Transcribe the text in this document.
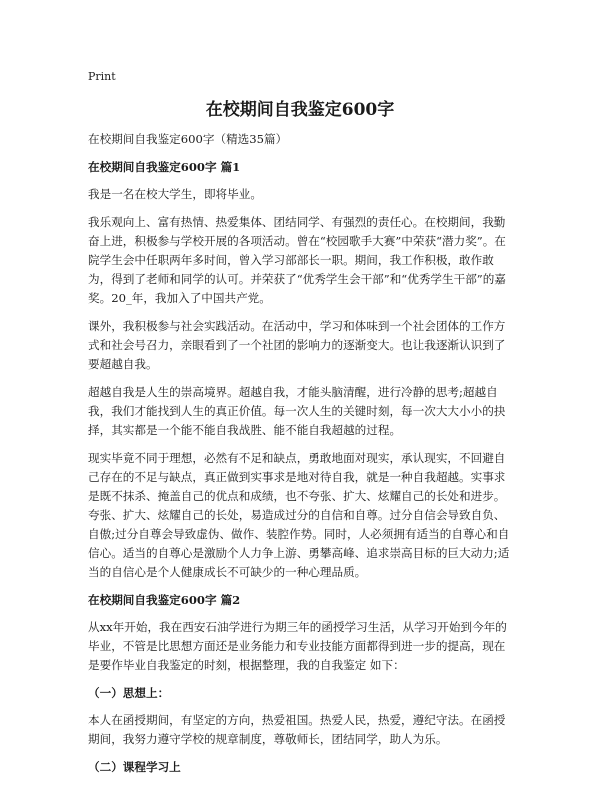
Print
在校期间自我鉴定600字

在校期间自我鉴定600字（精选35篇）

在校期间自我鉴定600字 篇1

我是一名在校大学生，即将毕业。

我乐观向上、富有热情、热爱集体、团结同学、有强烈的责任心。在校期间，我勤奋上进，积极参与学校开展的各项活动。曾在“校园歌手大赛”中荣获“潜力奖”。在院学生会中任职两年多时间，曾入学习部部长一职。期间，我工作积极，敢作敢为，得到了老师和同学的认可。并荣获了“优秀学生会干部”和“优秀学生干部”的嘉奖。20_年，我加入了中国共产党。

课外，我积极参与社会实践活动。在活动中，学习和体味到一个社会团体的工作方式和社会号召力，亲眼看到了一个社团的影响力的逐渐变大。也让我逐渐认识到了要超越自我。

超越自我是人生的崇高境界。超越自我，才能头脑清醒，进行冷静的思考;超越自我，我们才能找到人生的真正价值。每一次人生的关键时刻，每一次大大小小的抉择，其实都是一个能不能自我战胜、能不能自我超越的过程。

现实毕竟不同于理想，必然有不足和缺点，勇敢地面对现实，承认现实，不回避自己存在的不足与缺点，真正做到实事求是地对待自我，就是一种自我超越。实事求是既不抹杀、掩盖自己的优点和成绩，也不夸张、扩大、炫耀自己的长处和进步。夸张、扩大、炫耀自己的长处，易造成过分的自信和自尊。过分自信会导致自负、自傲;过分自尊会导致虚伪、做作、装腔作势。同时，人必须拥有适当的自尊心和自信心。适当的自尊心是激励个人力争上游、勇攀高峰、追求崇高目标的巨大动力;适当的自信心是个人健康成长不可缺少的一种心理品质。

在校期间自我鉴定600字 篇2

从xx年开始，我在西安石油学进行为期三年的函授学习生活，从学习开始到今年的毕业，不管是比思想方面还是业务能力和专业技能方面都得到进一步的提高，现在是要作毕业自我鉴定的时刻，根据整理，我的自我鉴定 如下：

（一）思想上：

本人在函授期间，有坚定的方向，热爱祖国。热爱人民，热爱，遵纪守法。在函授期间，我努力遵守学校的规章制度，尊敬师长，团结同学，助人为乐。

（二）课程学习上
